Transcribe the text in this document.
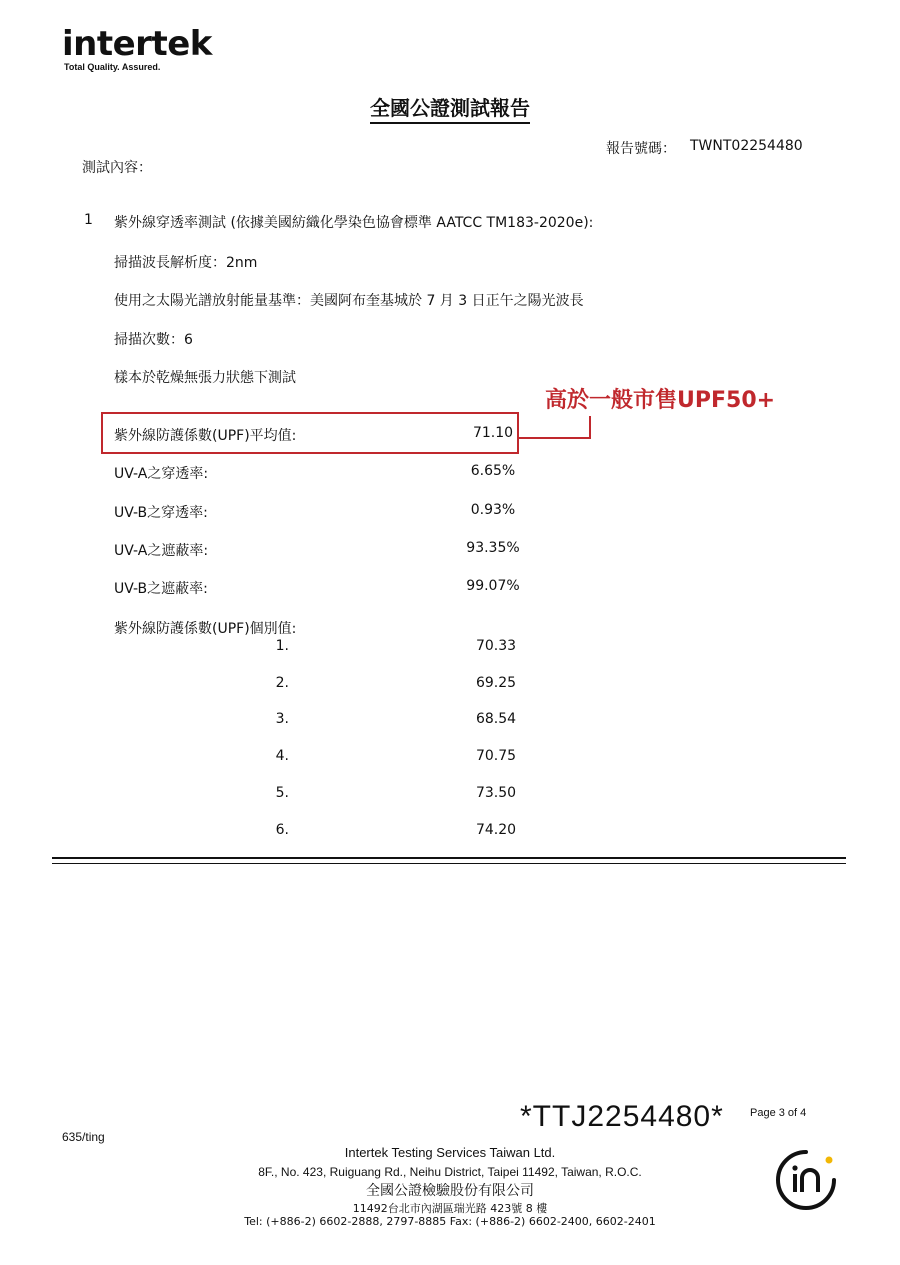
intertek
Total Quality. Assured.
全國公證測試報告
報告號碼： TWNT02254480
測試內容：
1 紫外線穿透率測試 (依據美國紡織化學染色協會標準 AATCC TM183-2020e):
掃描波長解析度：2nm
使用之太陽光譜放射能量基準：美國阿布奎基城於 7 月 3 日正午之陽光波長
掃描次數：6
樣本於乾燥無張力狀態下測試
高於一般市售UPF50+
紫外線防護係數(UPF)平均值:	71.10
UV-A之穿透率:	6.65%
UV-B之穿透率:	0.93%
UV-A之遮蔽率:	93.35%
UV-B之遮蔽率:	99.07%
紫外線防護係數(UPF)個別值:
1.	70.33
2.	69.25
3.	68.54
4.	70.75
5.	73.50
6.	74.20
*TTJ2254480* Page 3 of 4
635/ting
Intertek Testing Services Taiwan Ltd.
8F., No. 423, Ruiguang Rd., Neihu District, Taipei 11492, Taiwan, R.O.C.
全國公證檢驗股份有限公司
11492台北市內湖區瑞光路 423號 8 樓
Tel: (+886-2) 6602-2888, 2797-8885 Fax: (+886-2) 6602-2400, 6602-2401
